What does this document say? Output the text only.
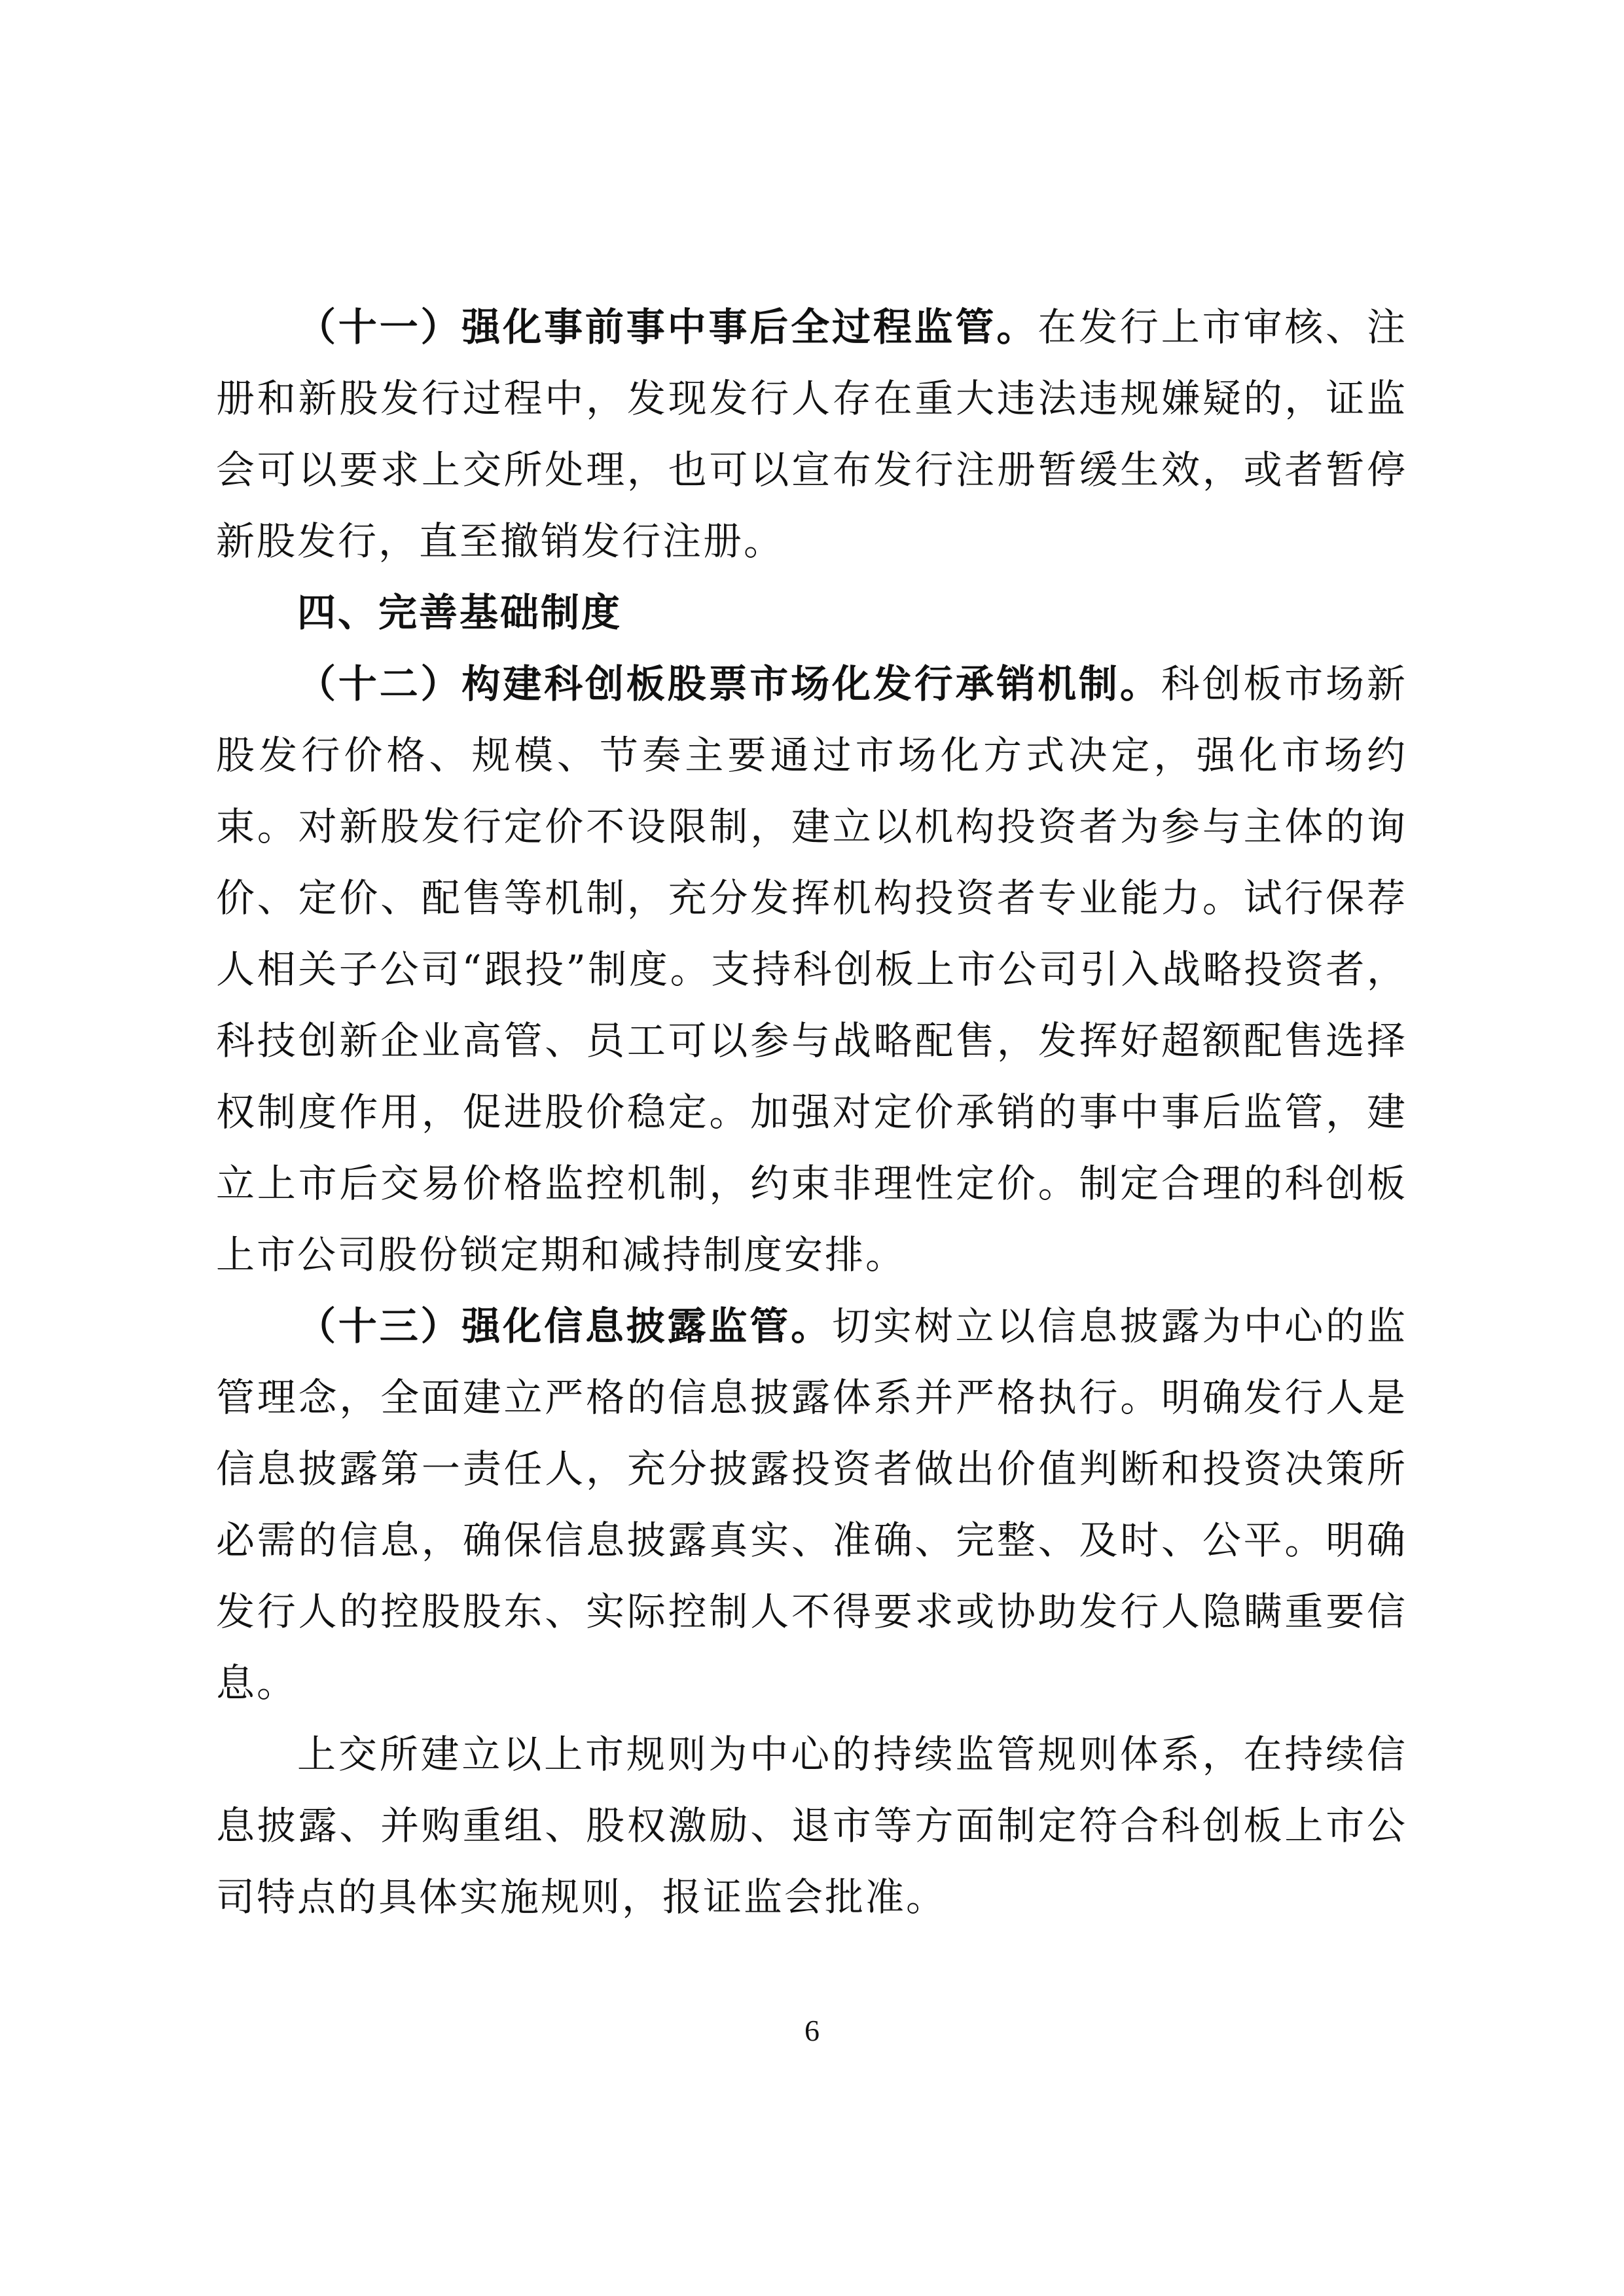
（十一）强化事前事中事后全过程监管。在发行上市审核、注册和新股发行过程中，发现发行人存在重大违法违规嫌疑的，证监会可以要求上交所处理，也可以宣布发行注册暂缓生效，或者暂停新股发行，直至撤销发行注册。

四、完善基础制度

（十二）构建科创板股票市场化发行承销机制。科创板市场新股发行价格、规模、节奏主要通过市场化方式决定，强化市场约束。对新股发行定价不设限制，建立以机构投资者为参与主体的询价、定价、配售等机制，充分发挥机构投资者专业能力。试行保荐人相关子公司“跟投”制度。支持科创板上市公司引入战略投资者，科技创新企业高管、员工可以参与战略配售，发挥好超额配售选择权制度作用，促进股价稳定。加强对定价承销的事中事后监管，建立上市后交易价格监控机制，约束非理性定价。制定合理的科创板上市公司股份锁定期和减持制度安排。

（十三）强化信息披露监管。切实树立以信息披露为中心的监管理念，全面建立严格的信息披露体系并严格执行。明确发行人是信息披露第一责任人，充分披露投资者做出价值判断和投资决策所必需的信息，确保信息披露真实、准确、完整、及时、公平。明确发行人的控股股东、实际控制人不得要求或协助发行人隐瞒重要信息。

上交所建立以上市规则为中心的持续监管规则体系，在持续信息披露、并购重组、股权激励、退市等方面制定符合科创板上市公司特点的具体实施规则，报证监会批准。

6
